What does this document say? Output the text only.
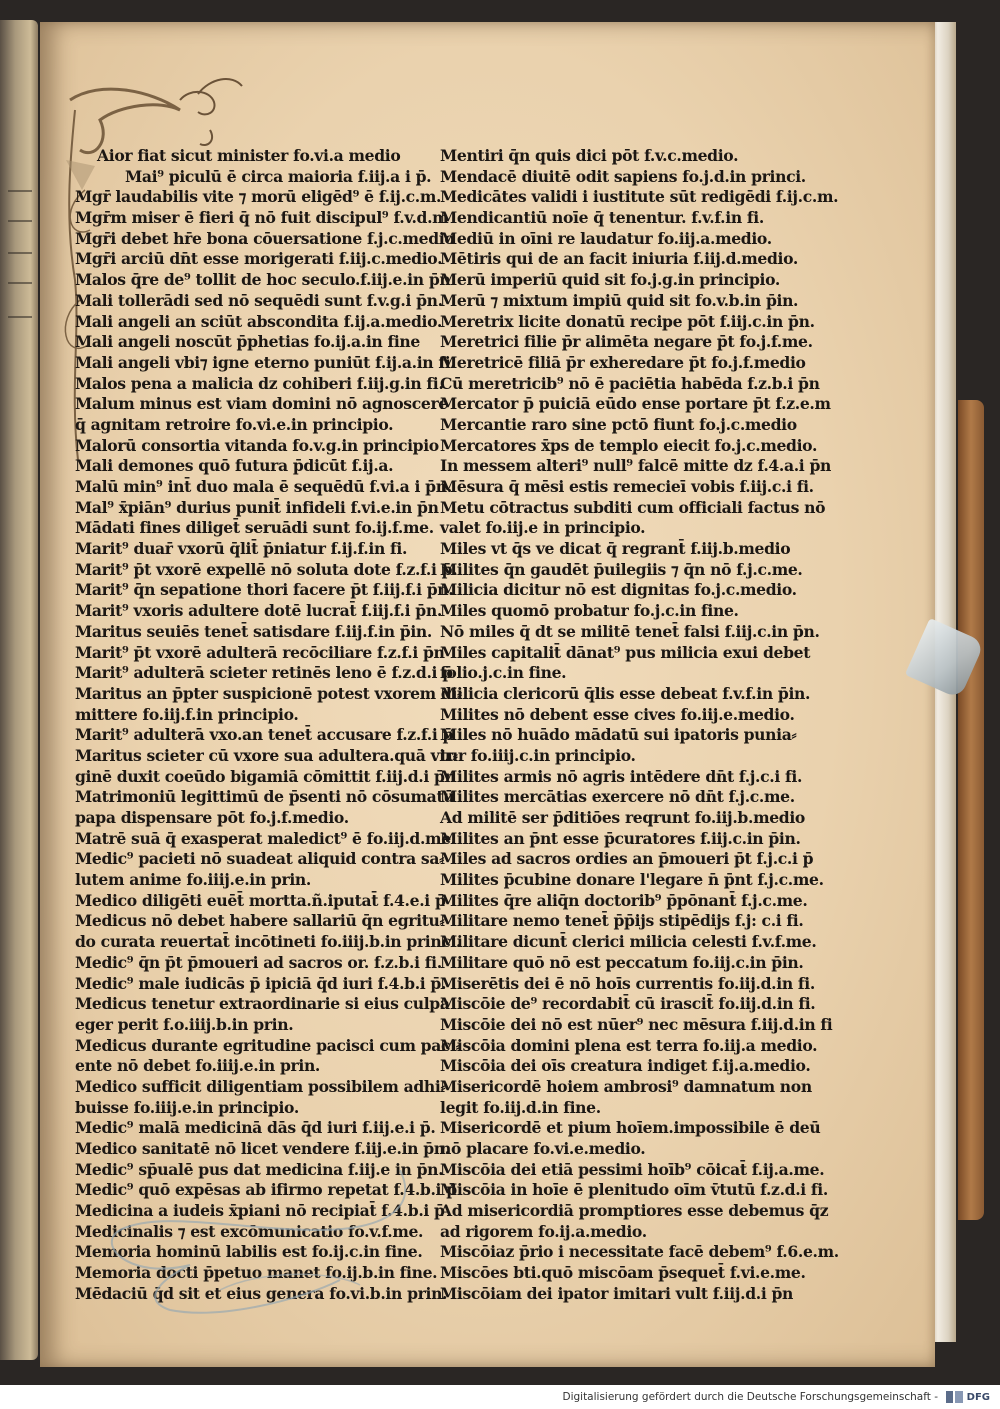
Aior fiat sicut minister fo.vi.a medio
Mai⁹ piculū ē circa maioria f.iij.a i p̄.
Mgr̄ laudabilis vite ⁊ morū eligēd⁹ ē f.ij.c.m.
Mgr̄m miser ē fieri q̄ nō fuit discipul⁹ f.v.d.m
Mgr̄i debet hr̄e bona cōuersatione f.j.c.medio
Mgr̄i arciū dn̄t esse morigerati f.iij.c.medio.
Malos q̄re de⁹ tollit de hoc seculo.f.iij.e.in p̄n
Mali tollerādi sed nō sequēdi sunt f.v.g.i p̄n.
Mali angeli an sciūt abscondita f.ij.a.medio.
Mali angeli noscūt p̄phetias fo.ij.a.in fine
Mali angeli vbi⁊ igne eterno puniūt f.ij.a.in fi.
Malos pena a malicia dz cohiberi f.iij.g.in fi.
Malum minus est viam domini nō agnoscere
q̄ agnitam retroire fo.vi.e.in principio.
Malorū consortia vitanda fo.v.g.in principio
Mali demones quō futura p̄dicūt f.ij.a.
Malū min⁹ int̄ duo mala ē sequēdū f.vi.a i p̄n.
Mal⁹ x̄piān⁹ durius punit̄ infideli f.vi.e.in p̄n
Mādati fines diliget̄ seruādi sunt fo.ij.f.me.
Marit⁹ duar̄ vxorū q̄lit̄ p̄niatur f.ij.f.in fi.
Marit⁹ p̄t vxorē expellē nō soluta dote f.z.f.i p̄.
Marit⁹ q̄n sepatione thori facere p̄t f.iij.f.i p̄n.
Marit⁹ vxoris adultere dotē lucrat̄ f.iij.f.i p̄n.
Maritus seuiēs tenet̄ satisdare f.iij.f.in p̄in.
Marit⁹ p̄t vxorē adulterā recōciliare f.z.f.i p̄n
Marit⁹ adulterā scieter retinēs leno ē f.z.d.i p̄
Maritus an p̄pter suspicionē potest vxorem di⸗
mittere fo.iij.f.in principio.
Marit⁹ adulterā vxo.an tenet̄ accusare f.z.f.i p̄
Maritus scieter cū vxore sua adultera.quā vir⸗
ginē duxit coeūdo bigamiā cōmittit f.iij.d.i p̄n
Matrimoniū legittimū de p̄senti nō cōsumatū
papa dispensare pōt fo.j.f.medio.
Matrē suā q̄ exasperat maledict⁹ ē fo.iij.d.me.
Medic⁹ pacieti nō suadeat aliquid contra sa⸗
lutem anime fo.iiij.e.in prin.
Medico diligēti euēt̄ mortta.ñ.iputat̄ f.4.e.i p̄
Medicus nō debet habere sallariū q̄n egritu⸗
do curata reuertat̄ incōtineti fo.iiij.b.in princi.
Medic⁹ q̄n p̄t p̄moueri ad sacros or. f.z.b.i fi.
Medic⁹ male iudicās p̄ ipiciā q̄d iuri f.4.b.i p̄.
Medicus tenetur extraordinarie si eius culpa
eger perit f.o.iiij.b.in prin.
Medicus durante egritudine pacisci cum paci⸗
ente nō debet fo.iiij.e.in prin.
Medico sufficit diligentiam possibilem adhi⸗
buisse fo.iiij.e.in principio.
Medic⁹ malā medicinā dās q̄d iuri f.iij.e.i p̄.
Medico sanitatē nō licet vendere f.iij.e.in p̄n.
Medic⁹ sp̄ualē pus dat medicina f.iij.e in p̄n.
Medic⁹ quō expēsas ab ifirmo repetat f.4.b.i p̄
Medicina a iudeis x̄piani nō recipiat̄ f.4.b.i p̄
Medicinalis ⁊ est excōmunicatio fo.v.f.me.
Memoria hominū labilis est fo.ij.c.in fine.
Memoria docti p̄petuo manet fo.ij.b.in fine.
Mēdaciū q̄d sit et eius genera fo.vi.b.in prin.
Mentiri q̄n quis dici pōt f.v.c.medio.
Mendacē diuitē odit sapiens fo.j.d.in princi.
Medicātes validi i iustitute sūt redigēdi f.ij.c.m.
Mendicantiū noīe q̄ tenentur. f.v.f.in fi.
Mediū in oīni re laudatur fo.iij.a.medio.
Mētiris qui de an facit iniuria f.iij.d.medio.
Merū imperiū quid sit fo.j.g.in principio.
Merū ⁊ mixtum impiū quid sit fo.v.b.in p̄in.
Meretrix licite donatū recipe pōt f.iij.c.in p̄n.
Meretrici filie p̄r alimēta negare p̄t fo.j.f.me.
Meretricē filiā p̄r exheredare p̄t fo.j.f.medio
Cū meretricib⁹ nō ē paciētia habēda f.z.b.i p̄n
Mercator p̄ puiciā eūdo ense portare p̄t f.z.e.m
Mercantie raro sine pctō fiunt fo.j.c.medio
Mercatores x̄ps de templo eiecit fo.j.c.medio.
In messem alteri⁹ null⁹ falcē mitte dz f.4.a.i p̄n
Mēsura q̄ mēsi estis remecieī vobis f.iij.c.i fi.
Metu cōtractus subditi cum officiali factus nō
valet fo.iij.e in principio.
Miles vt q̄s ve dicat q̄ regrant̄ f.iij.b.medio
Milites q̄n gaudēt p̄uilegiis ⁊ q̄n nō f.j.c.me.
Milicia dicitur nō est dignitas fo.j.c.medio.
Miles quomō probatur fo.j.c.in fine.
Nō miles q̄ dt se militē tenet̄ falsi f.iij.c.in p̄n.
Miles capitalit̄ dānat⁹ pus milicia exui debet
folio.j.c.in fine.
Milicia clericorū q̄lis esse debeat f.v.f.in p̄in.
Milites nō debent esse cives fo.iij.e.medio.
Miles nō huādo mādatū sui ipatoris punia⸗
tur fo.iiij.c.in principio.
Milites armis nō agris intēdere dn̄t f.j.c.i fi.
Milites mercātias exercere nō dn̄t f.j.c.me.
Ad militē ser p̄ditiōes reqrunt fo.iij.b.medio
Milites an p̄nt esse p̄curatores f.iij.c.in p̄in.
Miles ad sacros ordies an p̄moueri p̄t f.j.c.i p̄
Milites p̄cubine donare l'legare n̄ p̄nt f.j.c.me.
Milites q̄re aliq̄n doctorib⁹ p̄pōnant̄ f.j.c.me.
Militare nemo tenet̄ p̄p̄ijs stipēdijs f.j: c.i fi.
Militare dicunt̄ clerici milicia celesti f.v.f.me.
Militare quō nō est peccatum fo.iij.c.in p̄in.
Miserētis dei ē nō hoīs currentis fo.iij.d.in fi.
Miscōie de⁹ recordabit̄ cū irascit̄ fo.iij.d.in fi.
Miscōie dei nō est nūer⁹ nec mēsura f.iij.d.in fi
Miscōia domini plena est terra fo.iij.a medio.
Miscōia dei oīs creatura indiget f.ij.a.medio.
Misericordē hoiem ambrosi⁹ damnatum non
legit fo.iij.d.in fine.
Misericordē et pium hoīem.impossibile ē deū
nō placare fo.vi.e.medio.
Miscōia dei etiā pessimi hoīb⁹ cōicat̄ f.ij.a.me.
Miscōia in hoīe ē plenitudo oīm v̄tutū f.z.d.i fi.
Ad misericordiā promptiores esse debemus q̄z
ad rigorem fo.ij.a.medio.
Miscōiaz p̄rio i necessitate facē debem⁹ f.6.e.m.
Miscōes bti.quō miscōam p̄sequet̄ f.vi.e.me.
Miscōiam dei ipator imitari vult f.iij.d.i p̄n
Digitalisierung gefördert durch die Deutsche Forschungsgemeinschaft -	DFG
